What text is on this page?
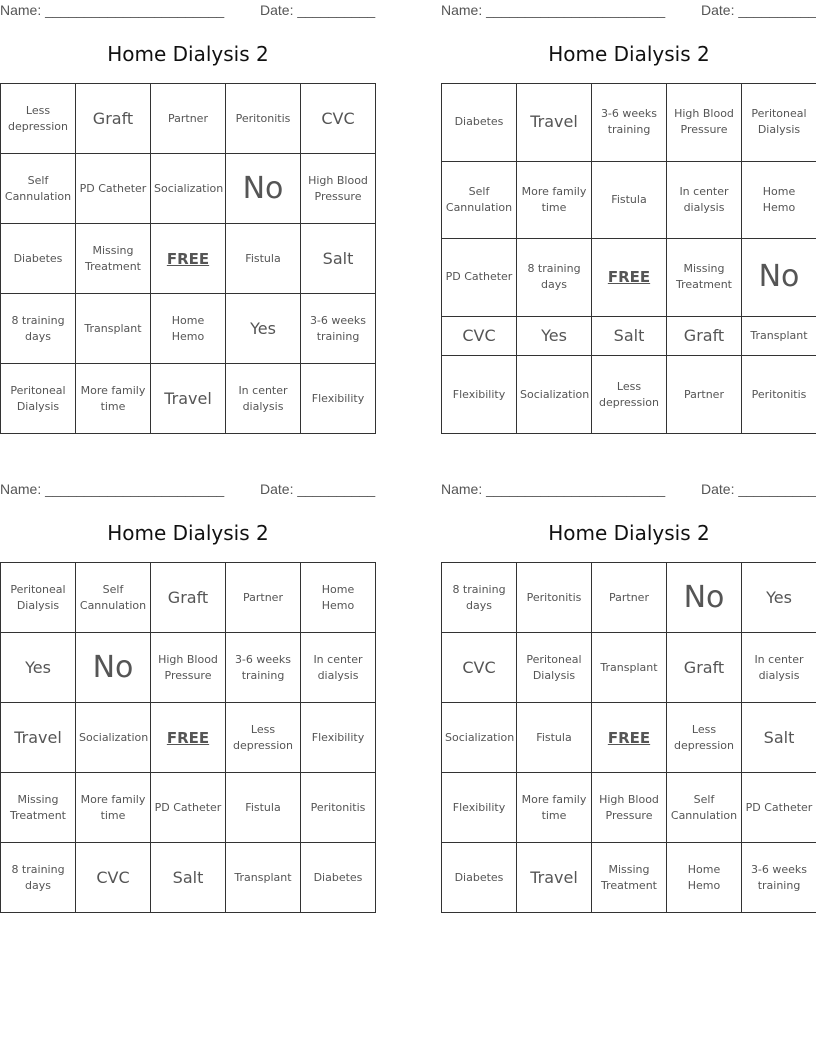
Name: _______________________	Date: __________
Home Dialysis 2
Less depression	Graft	Partner	Peritonitis	CVC
Self Cannulation	PD Catheter	Socialization	No	High Blood Pressure
Diabetes	Missing Treatment	FREE	Fistula	Salt
8 training days	Transplant	Home Hemo	Yes	3-6 weeks training
Peritoneal Dialysis	More family time	Travel	In center dialysis	Flexibility
Name: _______________________	Date: __________
Home Dialysis 2
Diabetes	Travel	3-6 weeks training	High Blood Pressure	Peritoneal Dialysis
Self Cannulation	More family time	Fistula	In center dialysis	Home Hemo
PD Catheter	8 training days	FREE	Missing Treatment	No
CVC	Yes	Salt	Graft	Transplant
Flexibility	Socialization	Less depression	Partner	Peritonitis
Name: _______________________	Date: __________
Home Dialysis 2
Peritoneal Dialysis	Self Cannulation	Graft	Partner	Home Hemo
Yes	No	High Blood Pressure	3-6 weeks training	In center dialysis
Travel	Socialization	FREE	Less depression	Flexibility
Missing Treatment	More family time	PD Catheter	Fistula	Peritonitis
8 training days	CVC	Salt	Transplant	Diabetes
Name: _______________________	Date: __________
Home Dialysis 2
8 training days	Peritonitis	Partner	No	Yes
CVC	Peritoneal Dialysis	Transplant	Graft	In center dialysis
Socialization	Fistula	FREE	Less depression	Salt
Flexibility	More family time	High Blood Pressure	Self Cannulation	PD Catheter
Diabetes	Travel	Missing Treatment	Home Hemo	3-6 weeks training
